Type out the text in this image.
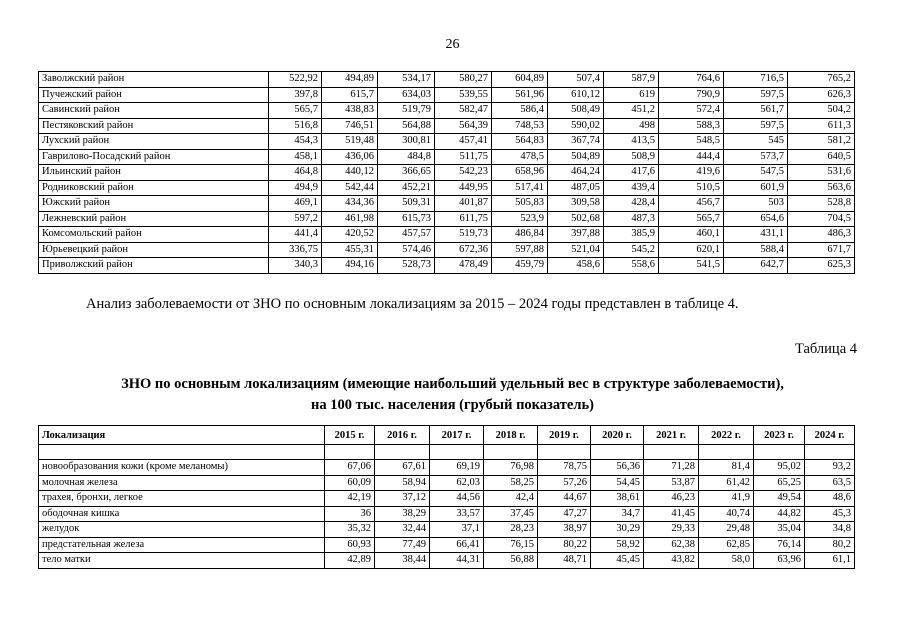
26
Заволжский район	522,92	494,89	534,17	580,27	604,89	507,4	587,9	764,6	716,5	765,2
Пучежский район	397,8	615,7	634,03	539,55	561,96	610,12	619	790,9	597,5	626,3
Савинский район	565,7	438,83	519,79	582,47	586,4	508,49	451,2	572,4	561,7	504,2
Пестяковский район	516,8	746,51	564,88	564,39	748,53	590,02	498	588,3	597,5	611,3
Лухский район	454,3	519,48	300,81	457,41	564,83	367,74	413,5	548,5	545	581,2
Гаврилово-Посадский район	458,1	436,06	484,8	511,75	478,5	504,89	508,9	444,4	573,7	640,5
Ильинский район	464,8	440,12	366,65	542,23	658,96	464,24	417,6	419,6	547,5	531,6
Родниковский район	494,9	542,44	452,21	449,95	517,41	487,05	439,4	510,5	601,9	563,6
Южский район	469,1	434,36	509,31	401,87	505,83	309,58	428,4	456,7	503	528,8
Лежневский район	597,2	461,98	615,73	611,75	523,9	502,68	487,3	565,7	654,6	704,5
Комсомольский район	441,4	420,52	457,57	519,73	486,84	397,88	385,9	460,1	431,1	486,3
Юрьевецкий район	336,75	455,31	574,46	672,36	597,88	521,04	545,2	620,1	588,4	671,7
Приволжский район	340,3	494,16	528,73	478,49	459,79	458,6	558,6	541,5	642,7	625,3
Анализ заболеваемости от ЗНО по основным локализациям за 2015 – 2024 годы представлен в таблице 4.
Таблица 4
ЗНО по основным локализациям (имеющие наибольший удельный вес в структуре заболеваемости),
на 100 тыс. населения (грубый показатель)
Локализация	2015 г.	2016 г.	2017 г.	2018 г.	2019 г.	2020 г.	2021 г.	2022 г.	2023 г.	2024 г.

новообразования кожи (кроме меланомы)	67,06	67,61	69,19	76,98	78,75	56,36	71,28	81,4	95,02	93,2
молочная железа	60,09	58,94	62,03	58,25	57,26	54,45	53,87	61,42	65,25	63,5
трахея, бронхи, легкое	42,19	37,12	44,56	42,4	44,67	38,61	46,23	41,9	49,54	48,6
ободочная кишка	36	38,29	33,57	37,45	47,27	34,7	41,45	40,74	44,82	45,3
желудок	35,32	32,44	37,1	28,23	38,97	30,29	29,33	29,48	35,04	34,8
предстательная железа	60,93	77,49	66,41	76,15	80,22	58,92	62,38	62,85	76,14	80,2
тело матки	42,89	38,44	44,31	56,88	48,71	45,45	43,82	58,0	63,96	61,1
